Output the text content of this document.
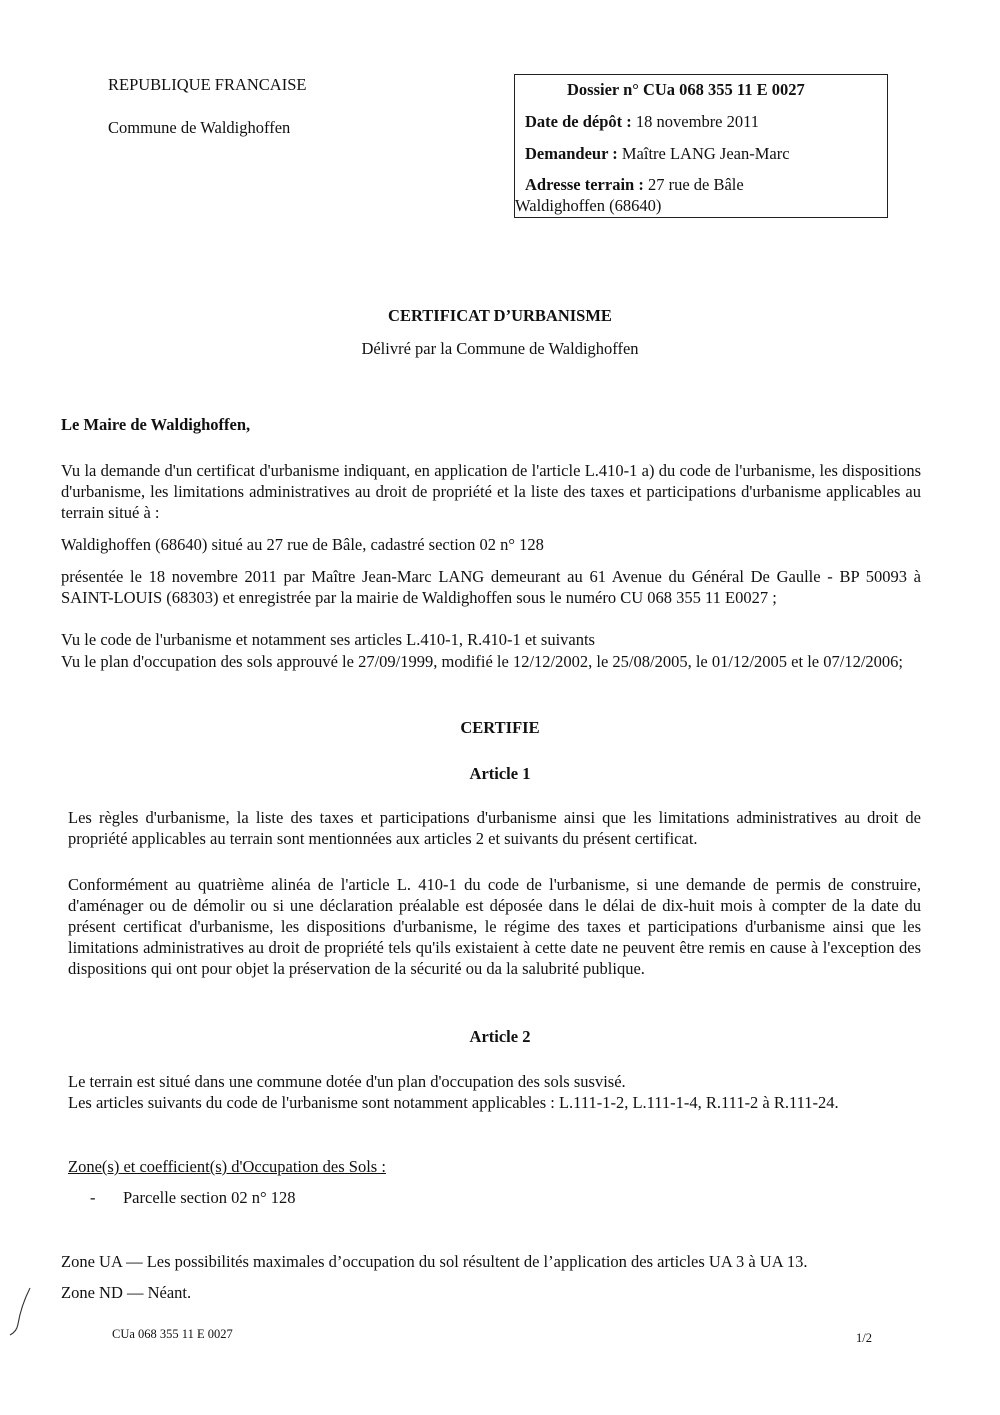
REPUBLIQUE FRANCAISE
Commune de Waldighoffen
Dossier n° CUa 068 355 11 E 0027
Date de dépôt : 18 novembre 2011
Demandeur : Maître LANG Jean-Marc
Adresse terrain : 27 rue de Bâle
Waldighoffen (68640)
CERTIFICAT D’URBANISME
Délivré par la Commune de Waldighoffen
Le Maire de Waldighoffen,
Vu la demande d'un certificat d'urbanisme indiquant, en application de l'article L.410-1 a) du code de l'urbanisme, les dispositions d'urbanisme, les limitations administratives au droit de propriété et la liste des taxes et participations d'urbanisme applicables au terrain situé à :
Waldighoffen (68640) situé au 27 rue de Bâle, cadastré section 02 n° 128
présentée le 18 novembre 2011 par Maître Jean-Marc LANG demeurant au 61 Avenue du Général De Gaulle - BP 50093 à SAINT-LOUIS (68303) et enregistrée par la mairie de Waldighoffen sous le numéro CU 068 355 11 E0027 ;
Vu le code de l'urbanisme et notamment ses articles L.410-1, R.410-1 et suivants
Vu le plan d'occupation des sols approuvé le 27/09/1999, modifié le 12/12/2002, le 25/08/2005, le 01/12/2005 et le 07/12/2006;
CERTIFIE
Article 1
Les règles d'urbanisme, la liste des taxes et participations d'urbanisme ainsi que les limitations administratives au droit de propriété applicables au terrain sont mentionnées aux articles 2 et suivants du présent certificat.
Conformément au quatrième alinéa de l'article L. 410-1 du code de l'urbanisme, si une demande de permis de construire, d'aménager ou de démolir ou si une déclaration préalable est déposée dans le délai de dix-huit mois à compter de la date du présent certificat d'urbanisme, les dispositions d'urbanisme, le régime des taxes et participations d'urbanisme ainsi que les limitations administratives au droit de propriété tels qu'ils existaient à cette date ne peuvent être remis en cause à l'exception des dispositions qui ont pour objet la préservation de la sécurité ou da la salubrité publique.
Article 2
Le terrain est situé dans une commune dotée d'un plan d'occupation des sols susvisé.
Les articles suivants du code de l'urbanisme sont notamment applicables : L.111-1-2, L.111-1-4, R.111-2 à R.111-24.
Zone(s) et coefficient(s) d'Occupation des Sols :
- Parcelle section 02 n° 128
Zone UA — Les possibilités maximales d’occupation du sol résultent de l’application des articles UA 3 à UA 13.
Zone ND — Néant.
CUa 068 355 11 E 0027	1/2
